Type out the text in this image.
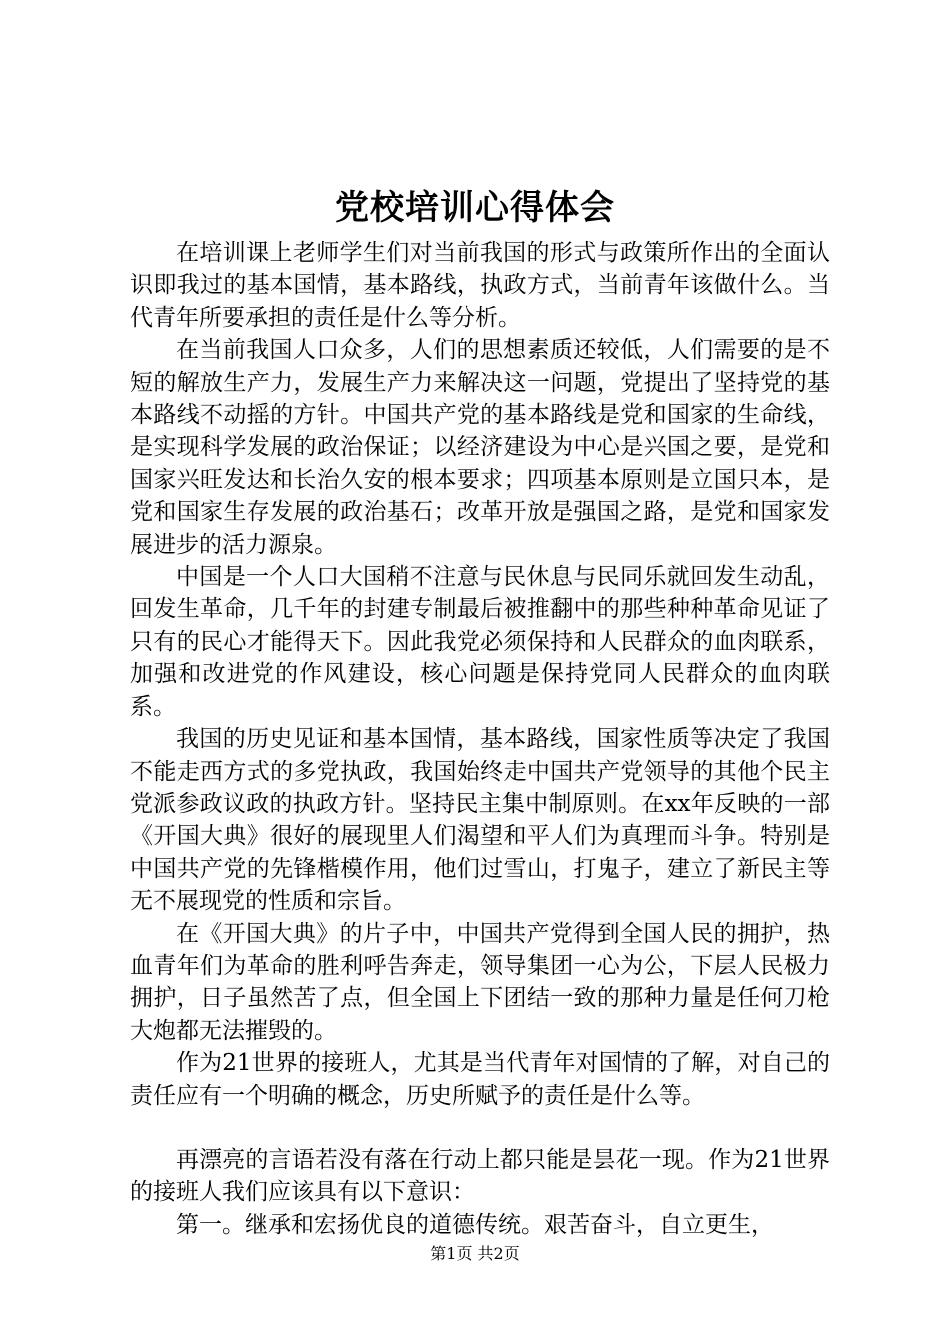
党校培训心得体会

在培训课上老师学生们对当前我国的形式与政策所作出的全面认识即我过的基本国情，基本路线，执政方式，当前青年该做什么。当代青年所要承担的责任是什么等分析。

在当前我国人口众多，人们的思想素质还较低，人们需要的是不短的解放生产力，发展生产力来解决这一问题，党提出了坚持党的基本路线不动摇的方针。中国共产党的基本路线是党和国家的生命线，是实现科学发展的政治保证；以经济建设为中心是兴国之要，是党和国家兴旺发达和长治久安的根本要求；四项基本原则是立国只本，是党和国家生存发展的政治基石；改革开放是强国之路，是党和国家发展进步的活力源泉。

中国是一个人口大国稍不注意与民休息与民同乐就回发生动乱，回发生革命，几千年的封建专制最后被推翻中的那些种种革命见证了只有的民心才能得天下。因此我党必须保持和人民群众的血肉联系，加强和改进党的作风建设，核心问题是保持党同人民群众的血肉联系。

我国的历史见证和基本国情，基本路线，国家性质等决定了我国不能走西方式的多党执政，我国始终走中国共产党领导的其他个民主党派参政议政的执政方针。坚持民主集中制原则。在xx年反映的一部《开国大典》很好的展现里人们渴望和平人们为真理而斗争。特别是中国共产党的先锋楷模作用，他们过雪山，打鬼子，建立了新民主等无不展现党的性质和宗旨。

在《开国大典》的片子中，中国共产党得到全国人民的拥护，热血青年们为革命的胜利呼告奔走，领导集团一心为公，下层人民极力拥护，日子虽然苦了点，但全国上下团结一致的那种力量是任何刀枪大炮都无法摧毁的。

作为21世界的接班人，尤其是当代青年对国情的了解，对自己的责任应有一个明确的概念，历史所赋予的责任是什么等。

再漂亮的言语若没有落在行动上都只能是昙花一现。作为21世界的接班人我们应该具有以下意识：

第一。继承和宏扬优良的道德传统。艰苦奋斗，自立更生，

第1页 共2页
